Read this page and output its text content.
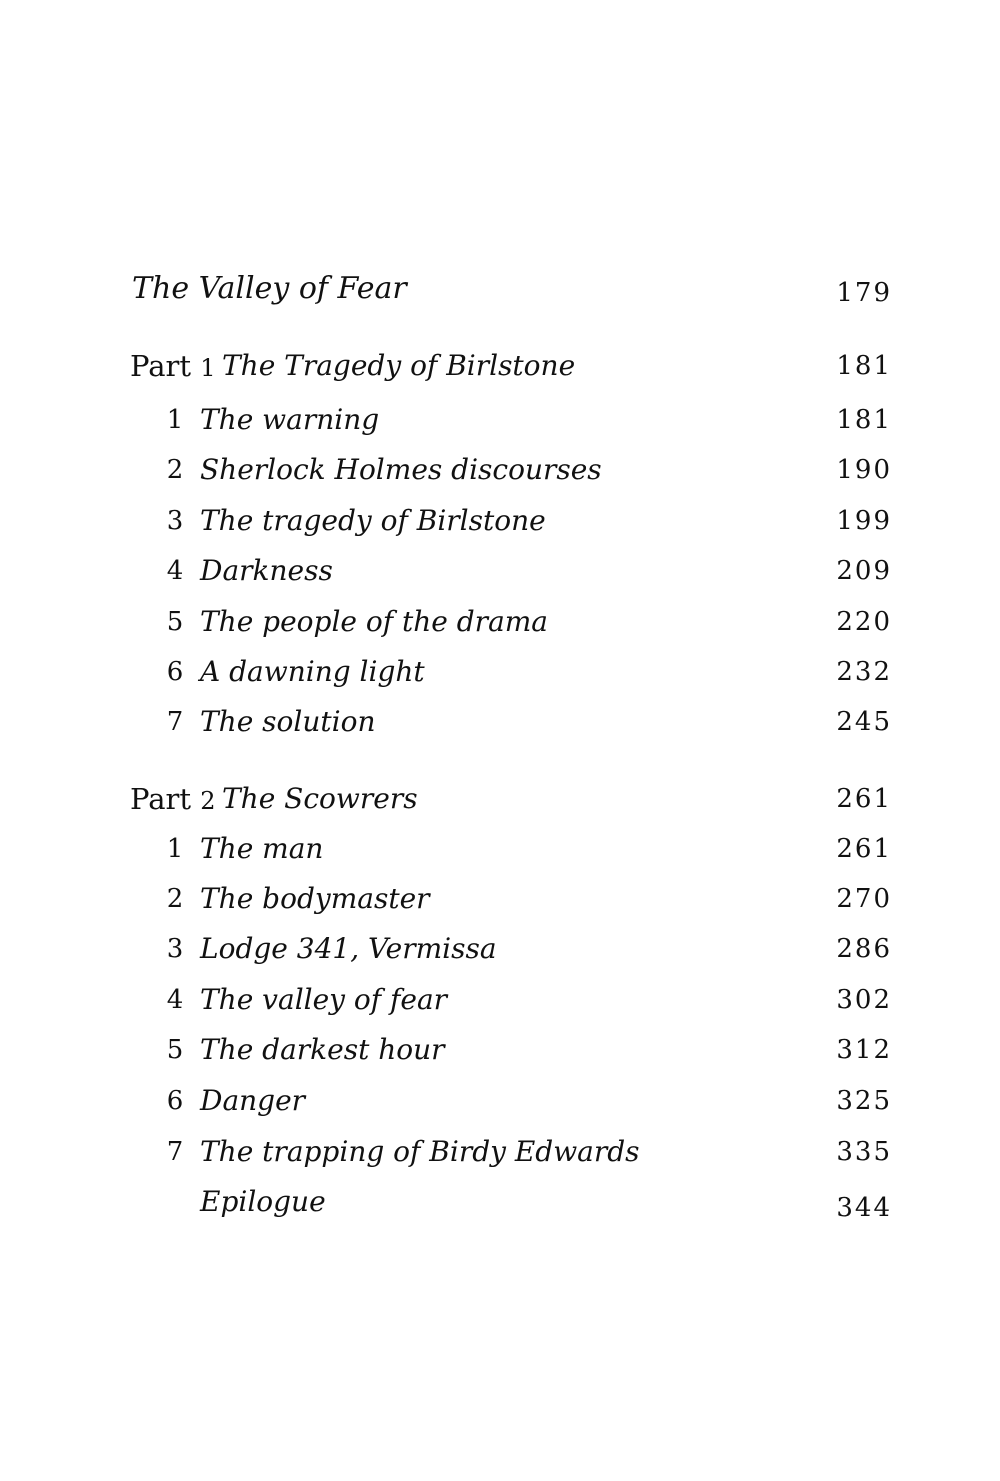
The Valley of Fear	179
Part 1 The Tragedy of Birlstone	181
1 The warning	181
2 Sherlock Holmes discourses	190
3 The tragedy of Birlstone	199
4 Darkness	209
5 The people of the drama	220
6 A dawning light	232
7 The solution	245
Part 2 The Scowrers	261
1 The man	261
2 The bodymaster	270
3 Lodge 341, Vermissa	286
4 The valley of fear	302
5 The darkest hour	312
6 Danger	325
7 The trapping of Birdy Edwards	335
Epilogue	344
